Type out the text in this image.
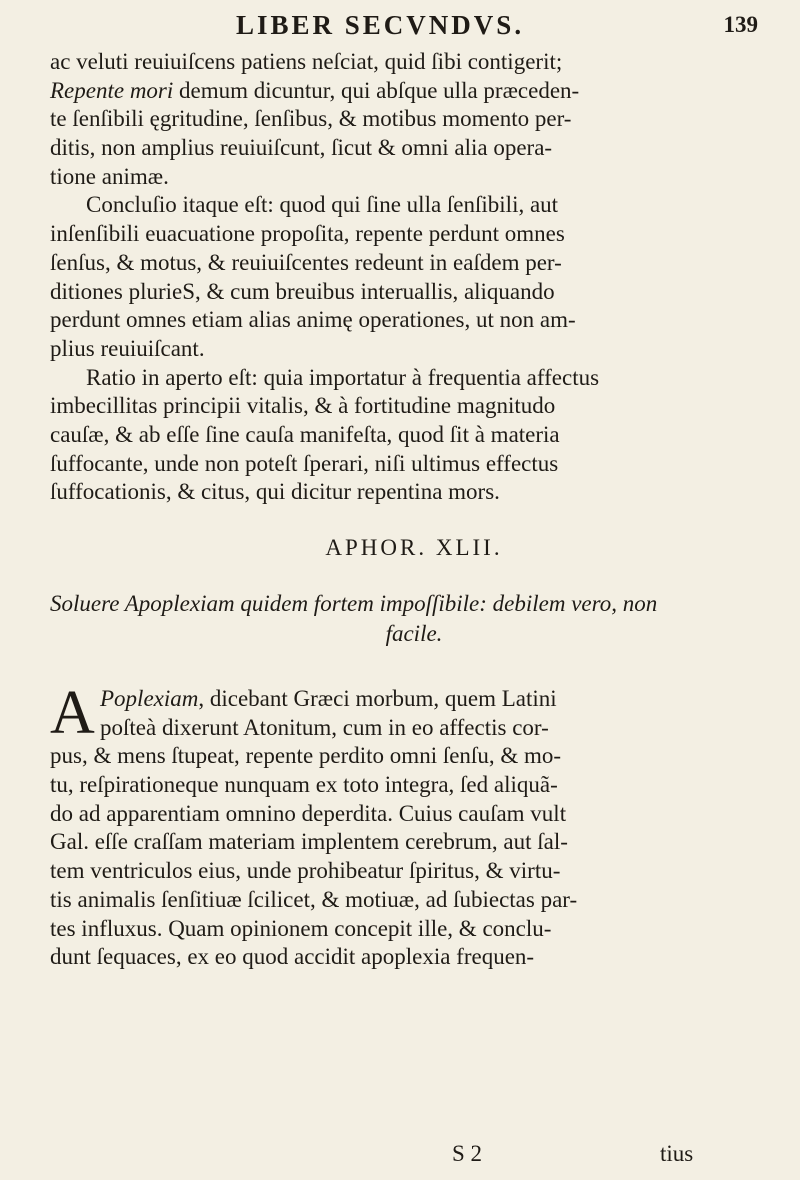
LIBER SECVNDVS.	139
ac veluti reuiuiſcens patiens neſciat, quid ſibi contigerit;
Repente mori demum dicuntur, qui abſque ulla præceden-
te ſenſibili ęgritudine, ſenſibus, & motibus momento per-
ditis, non amplius reuiuiſcunt, ſicut & omni alia opera-
tione animæ.
Concluſio itaque eſt: quod qui ſine ulla ſenſibili, aut
inſenſibili euacuatione propoſita, repente perdunt omnes
ſenſus, & motus, & reuiuiſcentes redeunt in eaſdem per-
ditiones plurieS, & cum breuibus interuallis, aliquando
perdunt omnes etiam alias animę operationes, ut non am-
plius reuiuiſcant.
Ratio in aperto eſt: quia importatur à frequentia affectus
imbecillitas principii vitalis, & à fortitudine magnitudo
cauſæ, & ab eſſe ſine cauſa manifeſta, quod ſit à materia
ſuffocante, unde non poteſt ſperari, niſi ultimus effectus
ſuffocationis, & citus, qui dicitur repentina mors.
APHOR. XLII.
Soluere Apoplexiam quidem fortem impoſſibile: debilem vero, non
facile.
A Poplexiam, dicebant Græci morbum, quem Latini
poſteà dixerunt Atonitum, cum in eo affectis cor-
pus, & mens ſtupeat, repente perdito omni ſenſu, & mo-
tu, reſpirationeque nunquam ex toto integra, ſed aliquã-
do ad apparentiam omnino deperdita. Cuius cauſam vult
Gal. eſſe craſſam materiam implentem cerebrum, aut ſal-
tem ventriculos eius, unde prohibeatur ſpiritus, & virtu-
tis animalis ſenſitiuæ ſcilicet, & motiuæ, ad ſubiectas par-
tes influxus. Quam opinionem concepit ille, & conclu-
dunt ſequaces, ex eo quod accidit apoplexia frequen-
S 2	tius
